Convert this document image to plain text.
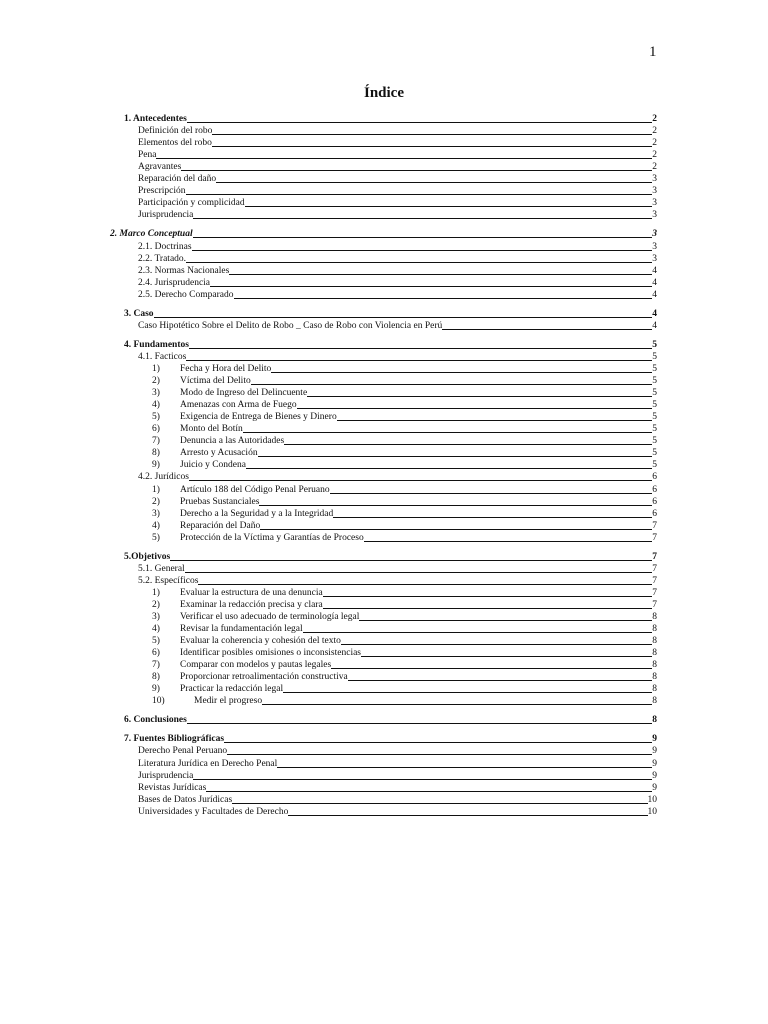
1
Índice
1. Antecedentes	2
Definición del robo	2
Elementos del robo	2
Pena	2
Agravantes	2
Reparación del daño	3
Prescripción	3
Participación y complicidad	3
Jurisprudencia	3
2. Marco Conceptual	3
2.1. Doctrinas	3
2.2. Tratado.	3
2.3. Normas Nacionales	4
2.4. Jurisprudencia	4
2.5. Derecho Comparado	4
3. Caso	4
Caso Hipotético Sobre el Delito de Robo _ Caso de Robo con Violencia en Perú	4
4. Fundamentos	5
4.1. Facticos	5
1) Fecha y Hora del Delito	5
2) Víctima del Delito	5
3) Modo de Ingreso del Delincuente	5
4) Amenazas con Arma de Fuego	5
5) Exigencia de Entrega de Bienes y Dinero	5
6) Monto del Botín	5
7) Denuncia a las Autoridades	5
8) Arresto y Acusación	5
9) Juicio y Condena	5
4.2. Jurídicos	6
1) Artículo 188 del Código Penal Peruano	6
2) Pruebas Sustanciales	6
3) Derecho a la Seguridad y a la Integridad	6
4) Reparación del Daño	7
5) Protección de la Víctima y Garantías de Proceso	7
5.Objetivos	7
5.1. General	7
5.2. Específicos	7
1) Evaluar la estructura de una denuncia	7
2) Examinar la redacción precisa y clara	7
3) Verificar el uso adecuado de terminología legal	8
4) Revisar la fundamentación legal	8
5) Evaluar la coherencia y cohesión del texto	8
6) Identificar posibles omisiones o inconsistencias	8
7) Comparar con modelos y pautas legales	8
8) Proporcionar retroalimentación constructiva	8
9) Practicar la redacción legal	8
10)	Medir el progreso	8
6. Conclusiones	8
7. Fuentes Bibliográficas	9
Derecho Penal Peruano	9
Literatura Jurídica en Derecho Penal	9
Jurisprudencia	9
Revistas Jurídicas	9
Bases de Datos Jurídicas	10
Universidades y Facultades de Derecho	10
